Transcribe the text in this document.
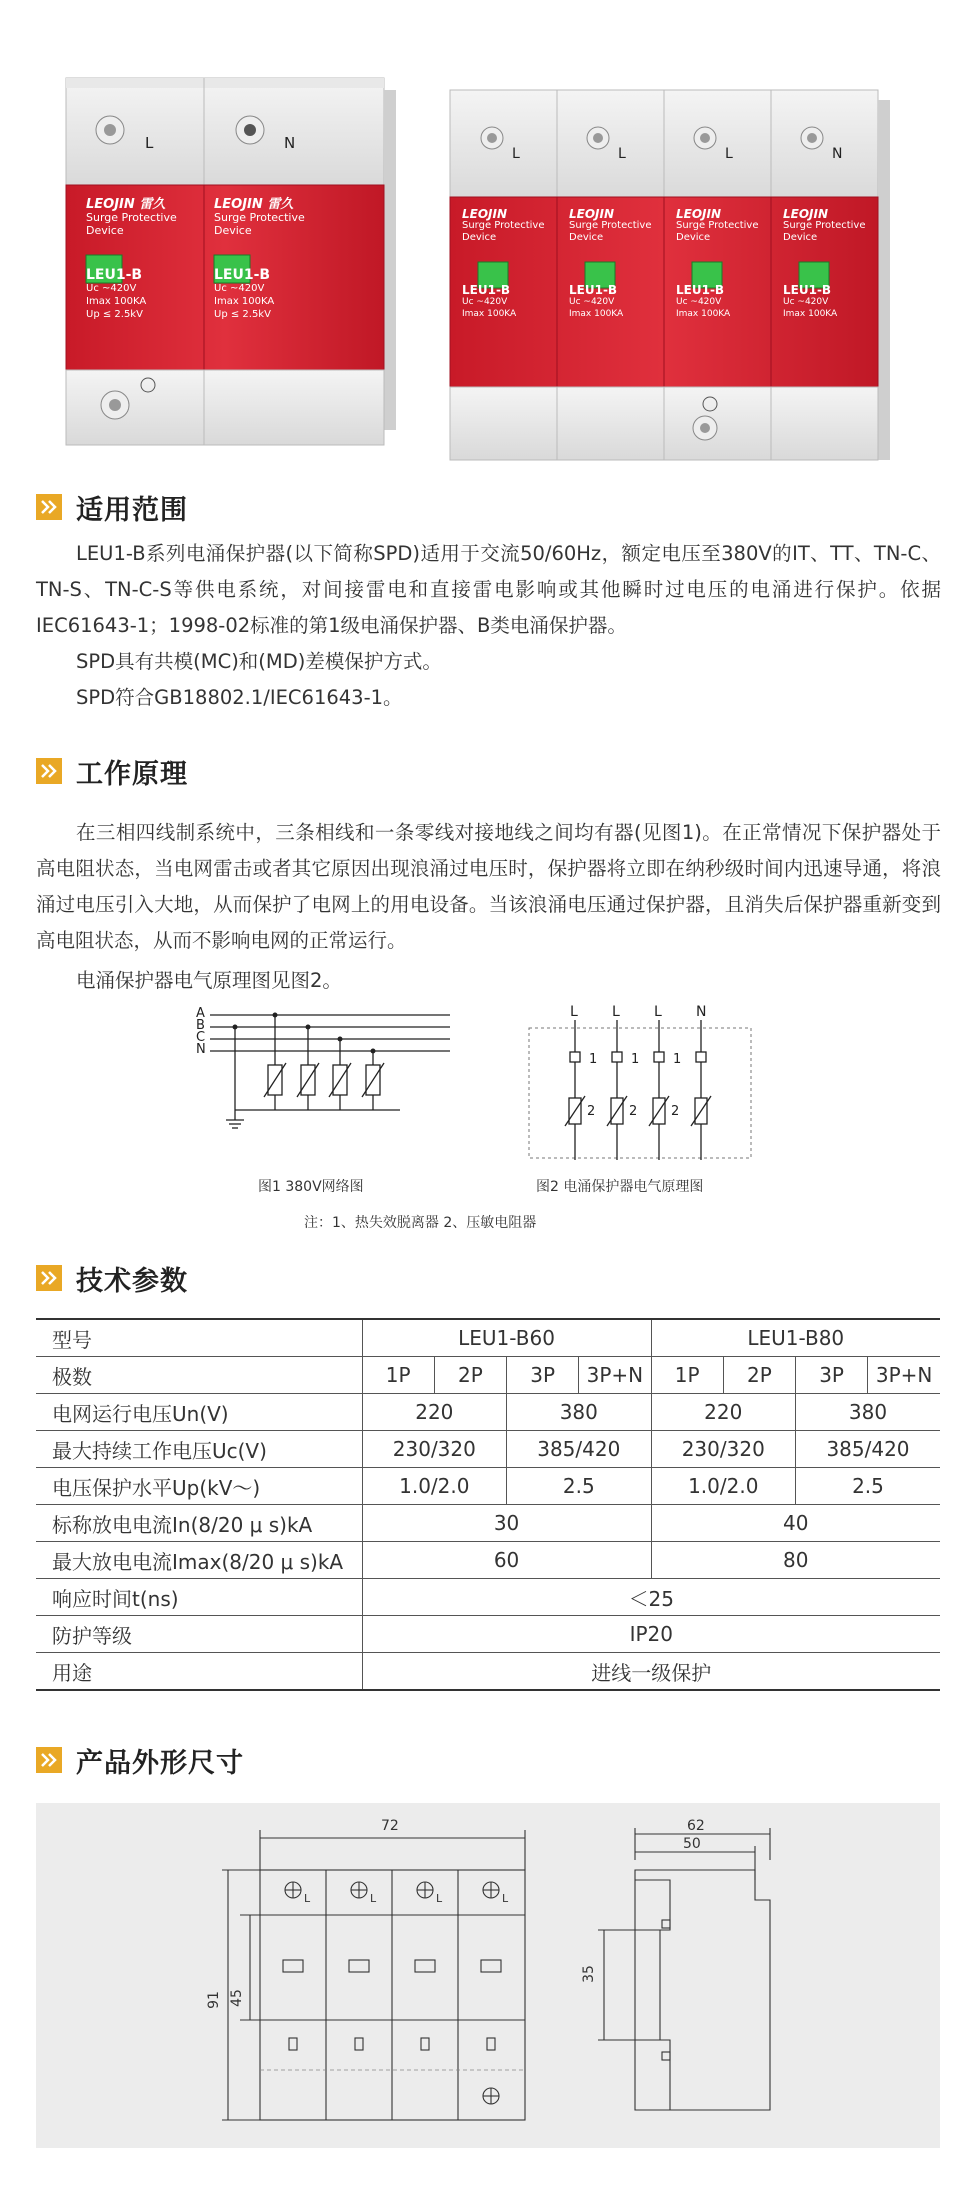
L	N
LEOJIN 雷久
Surge Protective
Device
LEU1-B
Uc ~420V
Imax 100KA
Up ≤ 2.5kV
LEOJIN 雷久
Surge Protective
Device
LEU1-B
Uc ~420V
Imax 100KA
Up ≤ 2.5kV
L	L	L	N
LEOJIN
Surge Protective
Device
LEU1-B
Uc ~420V
Imax 100KA
LEOJIN
Surge Protective
Device
LEU1-B
Uc ~420V
Imax 100KA
LEOJIN
Surge Protective
Device
LEU1-B
Uc ~420V
Imax 100KA
LEOJIN
Surge Protective
Device
LEU1-B
Uc ~420V
Imax 100KA
适用范围

LEU1-B系列电涌保护器(以下简称SPD)适用于交流50/60Hz，额定电压至380V的IT、TT、TN-C、TN-S、TN-C-S等供电系统，对间接雷电和直接雷电影响或其他瞬时过电压的电涌进行保护。依据IEC61643-1；1998-02标准的第1级电涌保护器、B类电涌保护器。

SPD具有共模(MC)和(MD)差模保护方式。

SPD符合GB18802.1/IEC61643-1。

工作原理

在三相四线制系统中，三条相线和一条零线对接地线之间均有器(见图1)。在正常情况下保护器处于高电阻状态，当电网雷击或者其它原因出现浪涌过电压时，保护器将立即在纳秒级时间内迅速导通，将浪涌过电压引入大地，从而保护了电网上的用电设备。当该浪涌电压通过保护器，且消失后保护器重新变到高电阻状态，从而不影响电网的正常运行。

电涌保护器电气原理图见图2。

A
B
C
N
图1 380V网络图
L L L N
1	1	1
2	2	2
图2 电涌保护器电气原理图
注：1、热失效脱离器 2、压敏电阻器
技术参数
型号	LEU1-B60				LEU1-B80			
极数	1P	2P	3P	3P+N	1P	2P	3P	3P+N
电网运行电压Un(V)	220		380		220		380	
最大持续工作电压Uc(V)	230/320		385/420		230/320		385/420	
电压保护水平Up(kV～)	1.0/2.0		2.5		1.0/2.0		2.5	
标称放电电流In(8/20 μ s)kA	30				40			
最大放电电流Imax(8/20 μ s)kA	60				80			
响应时间t(ns)	＜25							
防护等级	IP20							
用途	进线一级保护							
产品外形尺寸
72
91 45
L	L	L	L
62
50
35
